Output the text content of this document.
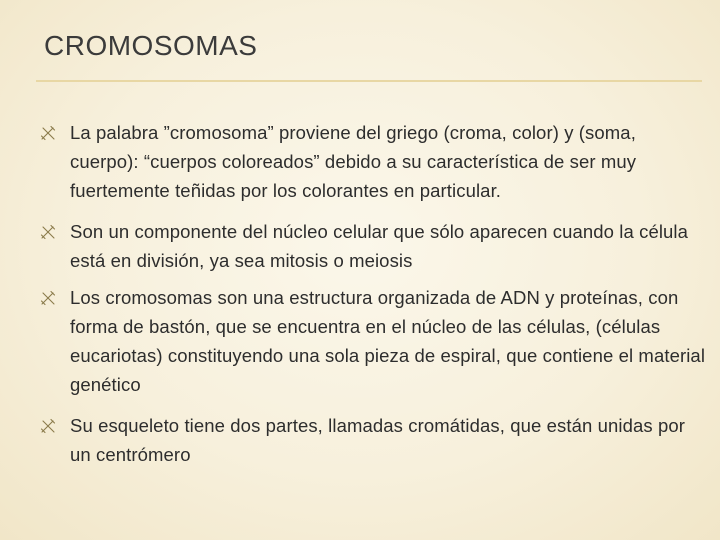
CROMOSOMAS
La palabra ”cromosoma” proviene del griego (croma, color) y (soma, cuerpo): “cuerpos coloreados” debido a su característica de ser muy fuertemente teñidas por los colorantes en particular.
Son un componente del núcleo celular que sólo aparecen cuando la célula está en división, ya sea mitosis o meiosis
Los cromosomas son una estructura organizada de ADN y proteínas, con forma de bastón, que se encuentra en el núcleo de las células, (células eucariotas) constituyendo una sola pieza de espiral, que contiene el material genético
Su esqueleto tiene dos partes, llamadas cromátidas, que están unidas por un centrómero
